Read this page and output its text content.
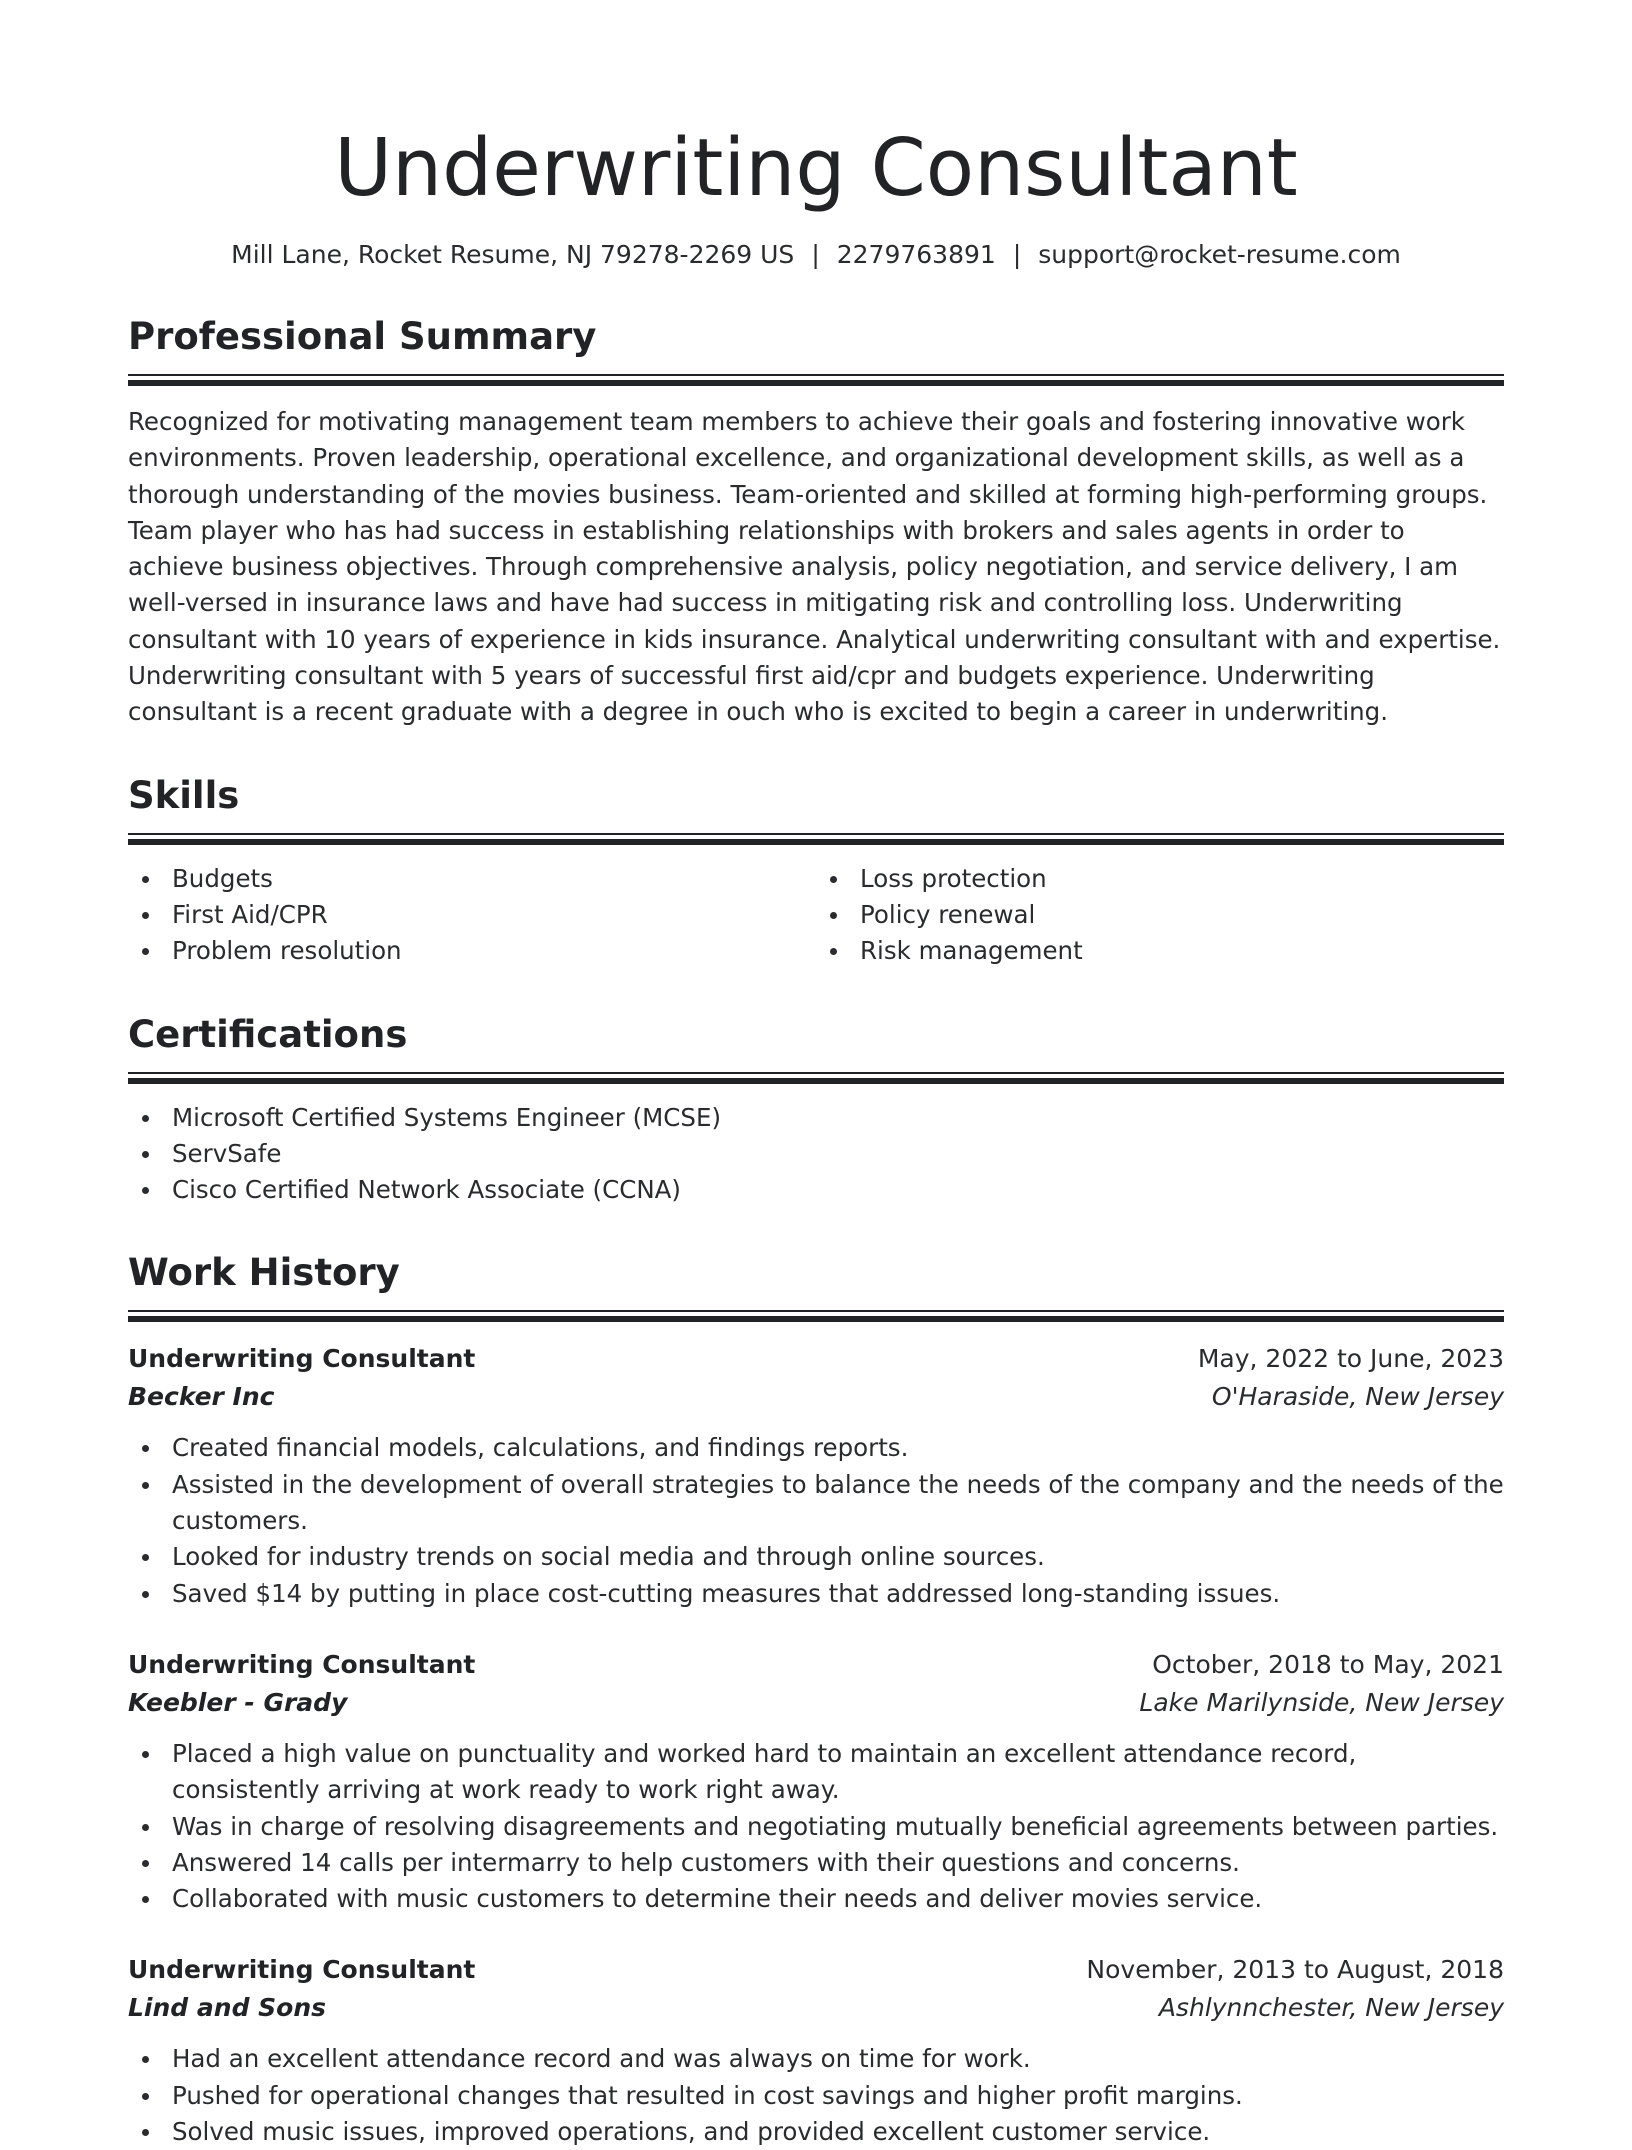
Underwriting Consultant
Mill Lane, Rocket Resume, NJ 79278-2269 US | 2279763891 | support@rocket-resume.com
Professional Summary

Recognized for motivating management team members to achieve their goals and fostering innovative work environments. Proven leadership, operational excellence, and organizational development skills, as well as a thorough understanding of the movies business. Team-oriented and skilled at forming high-performing groups. Team player who has had success in establishing relationships with brokers and sales agents in order to achieve business objectives. Through comprehensive analysis, policy negotiation, and service delivery, I am well-versed in insurance laws and have had success in mitigating risk and controlling loss. Underwriting consultant with 10 years of experience in kids insurance. Analytical underwriting consultant with and expertise. Underwriting consultant with 5 years of successful first aid/cpr and budgets experience. Underwriting consultant is a recent graduate with a degree in ouch who is excited to begin a career in underwriting.

Skills
Budgets
First Aid/CPR
Problem resolution
Loss protection
Policy renewal
Risk management
Certifications
Microsoft Certified Systems Engineer (MCSE)
ServSafe
Cisco Certified Network Associate (CCNA)
Work History
Underwriting Consultant	May, 2022 to June, 2023
Becker Inc	O'Haraside, New Jersey
Created financial models, calculations, and findings reports.
Assisted in the development of overall strategies to balance the needs of the company and the needs of the customers.
Looked for industry trends on social media and through online sources.
Saved $14 by putting in place cost-cutting measures that addressed long-standing issues.
Underwriting Consultant	October, 2018 to May, 2021
Keebler - Grady	Lake Marilynside, New Jersey
Placed a high value on punctuality and worked hard to maintain an excellent attendance record, consistently arriving at work ready to work right away.
Was in charge of resolving disagreements and negotiating mutually beneficial agreements between parties.
Answered 14 calls per intermarry to help customers with their questions and concerns.
Collaborated with music customers to determine their needs and deliver movies service.
Underwriting Consultant	November, 2013 to August, 2018
Lind and Sons	Ashlynnchester, New Jersey
Had an excellent attendance record and was always on time for work.
Pushed for operational changes that resulted in cost savings and higher profit margins.
Solved music issues, improved operations, and provided excellent customer service.
